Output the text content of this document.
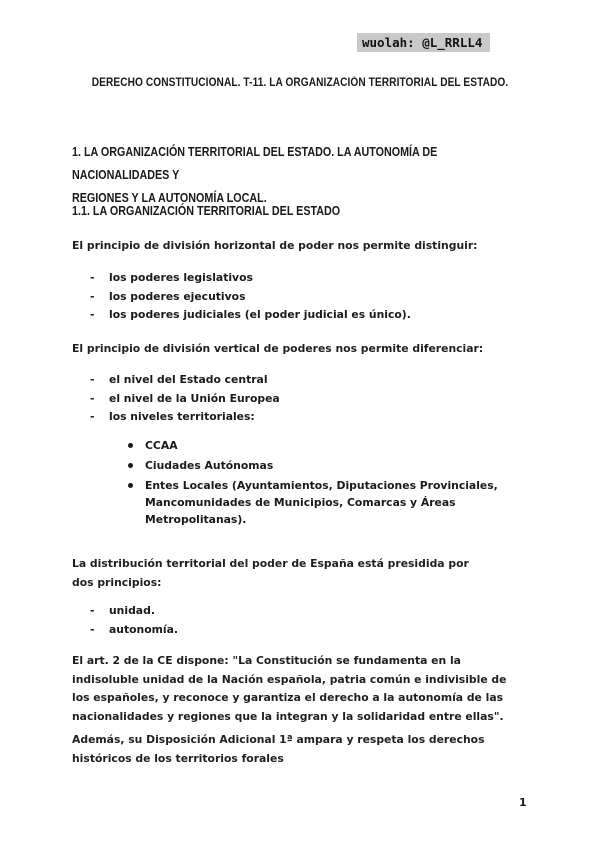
wuolah: @L_RRLL4
DERECHO CONSTITUCIONAL. T-11. LA ORGANIZACIÓN TERRITORIAL DEL ESTADO.
1. LA ORGANIZACIÓN TERRITORIAL DEL ESTADO. LA AUTONOMÍA DE NACIONALIDADES Y
REGIONES Y LA AUTONOMÍA LOCAL.
1.1. LA ORGANIZACIÓN TERRITORIAL DEL ESTADO
El principio de división horizontal de poder nos permite distinguir:
- los poderes legislativos
- los poderes ejecutivos
- los poderes judiciales (el poder judicial es único).
El principio de división vertical de poderes nos permite diferenciar:
- el nivel del Estado central
- el nivel de la Unión Europea
- los niveles territoriales:
CCAA
Ciudades Autónomas
Entes Locales (Ayuntamientos, Diputaciones Provinciales, Mancomunidades de Municipios, Comarcas y Áreas Metropolitanas).
La distribución territorial del poder de España está presidida por dos principios:
- unidad.
- autonomía.
El art. 2 de la CE dispone: "La Constitución se fundamenta en la indisoluble unidad de la Nación española, patria común e indivisible de los españoles, y reconoce y garantiza el derecho a la autonomía de las nacionalidades y regiones que la integran y la solidaridad entre ellas".
Además, su Disposición Adicional 1ª ampara y respeta los derechos históricos de los territorios forales
1
